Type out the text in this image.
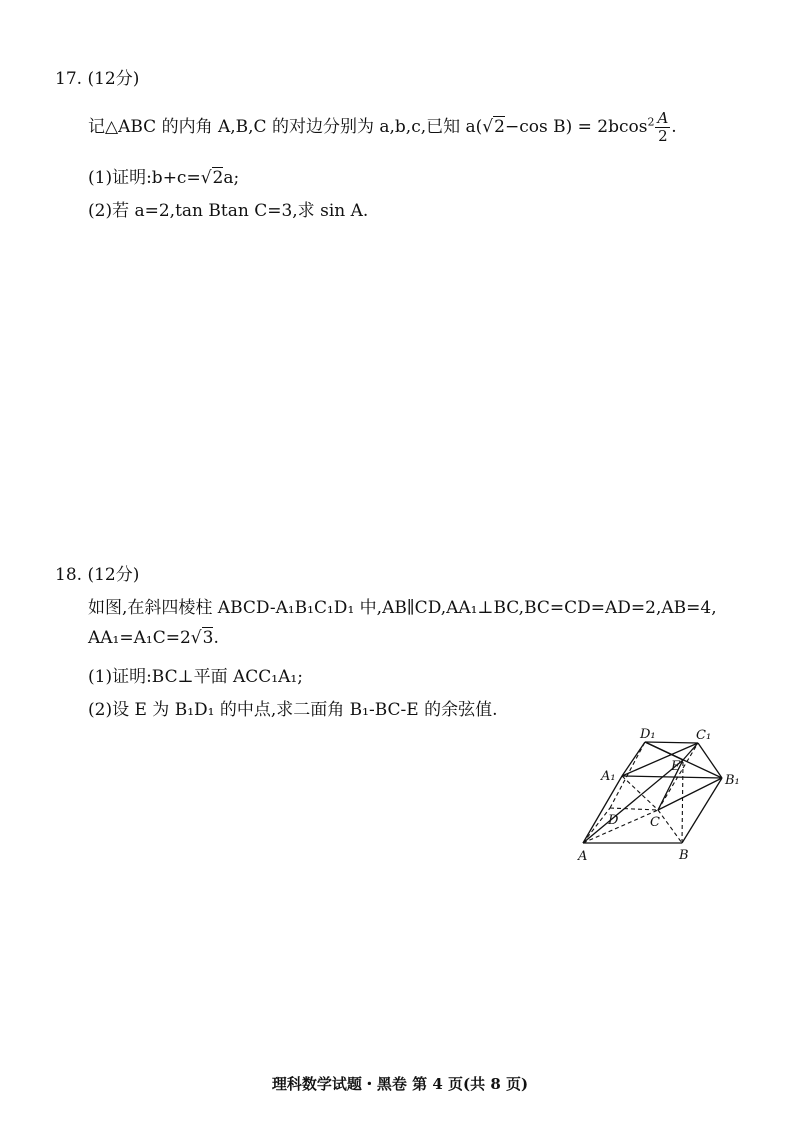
17. (12分)
记△ABC 的内角 A,B,C 的对边分别为 a,b,c,已知 a(√2−cos $B) = 2bcos^2 \frac{A}{2}$ .
(1)证明:b+c=√2a;
(2)若 a=2,tan Btan C=3,求 sin A.
18. (12分)
如图,在斜四棱柱 ABCD-A₁B₁C₁D₁ 中,AB∥CD,AA₁⊥BC,BC=CD=AD=2,AB=4,
AA₁=A₁C=2√3.
(1)证明:BC⊥平面 ACC₁A₁;
(2)设 E 为 B₁D₁ 的中点,求二面角 B₁-BC-E 的余弦值.
D₁	C₁
A₁
E
B₁
D C
A	B
理科数学试题・黑卷 第 4 页(共 8 页)
